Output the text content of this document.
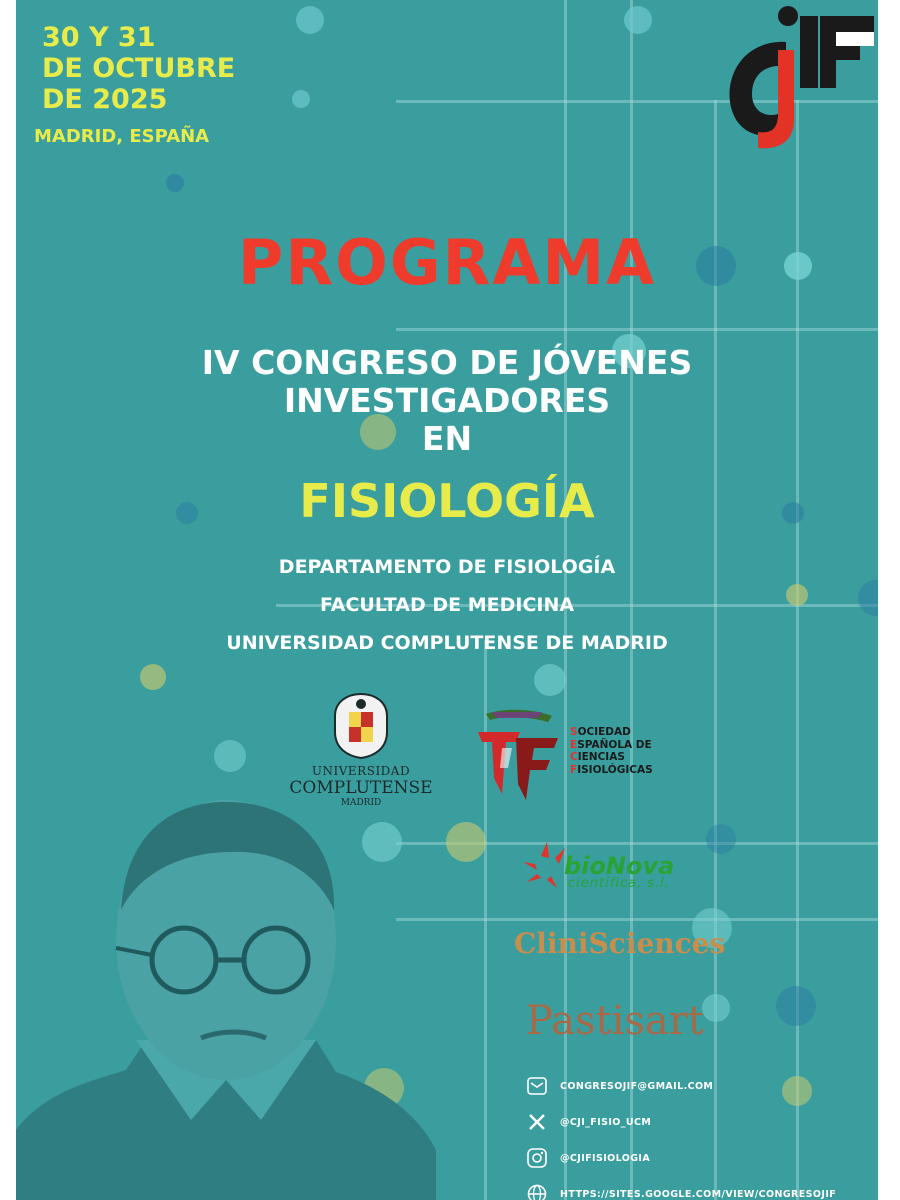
30 Y 31
DE OCTUBRE
DE 2025
MADRID, ESPAÑA
cjIF
PROGRAMA
IV CONGRESO DE JÓVENES
INVESTIGADORES
EN
FISIOLOGÍA
DEPARTAMENTO DE FISIOLOGÍA
FACULTAD DE MEDICINA
UNIVERSIDAD COMPLUTENSE DE MADRID
UNIVERSIDAD
COMPLUTENSE
MADRID
SOCIEDAD
ESPAÑOLA DE
CIENCIAS
FISIOLÓGICAS
bioNova
científica, s.l.
CliniSciences
Pastisart
CONGRESOJIF@GMAIL.COM
@CJI_FISIO_UCM
@CJIFISIOLOGIA
HTTPS://SITES.GOOGLE.COM/VIEW/CONGRESOJIF
